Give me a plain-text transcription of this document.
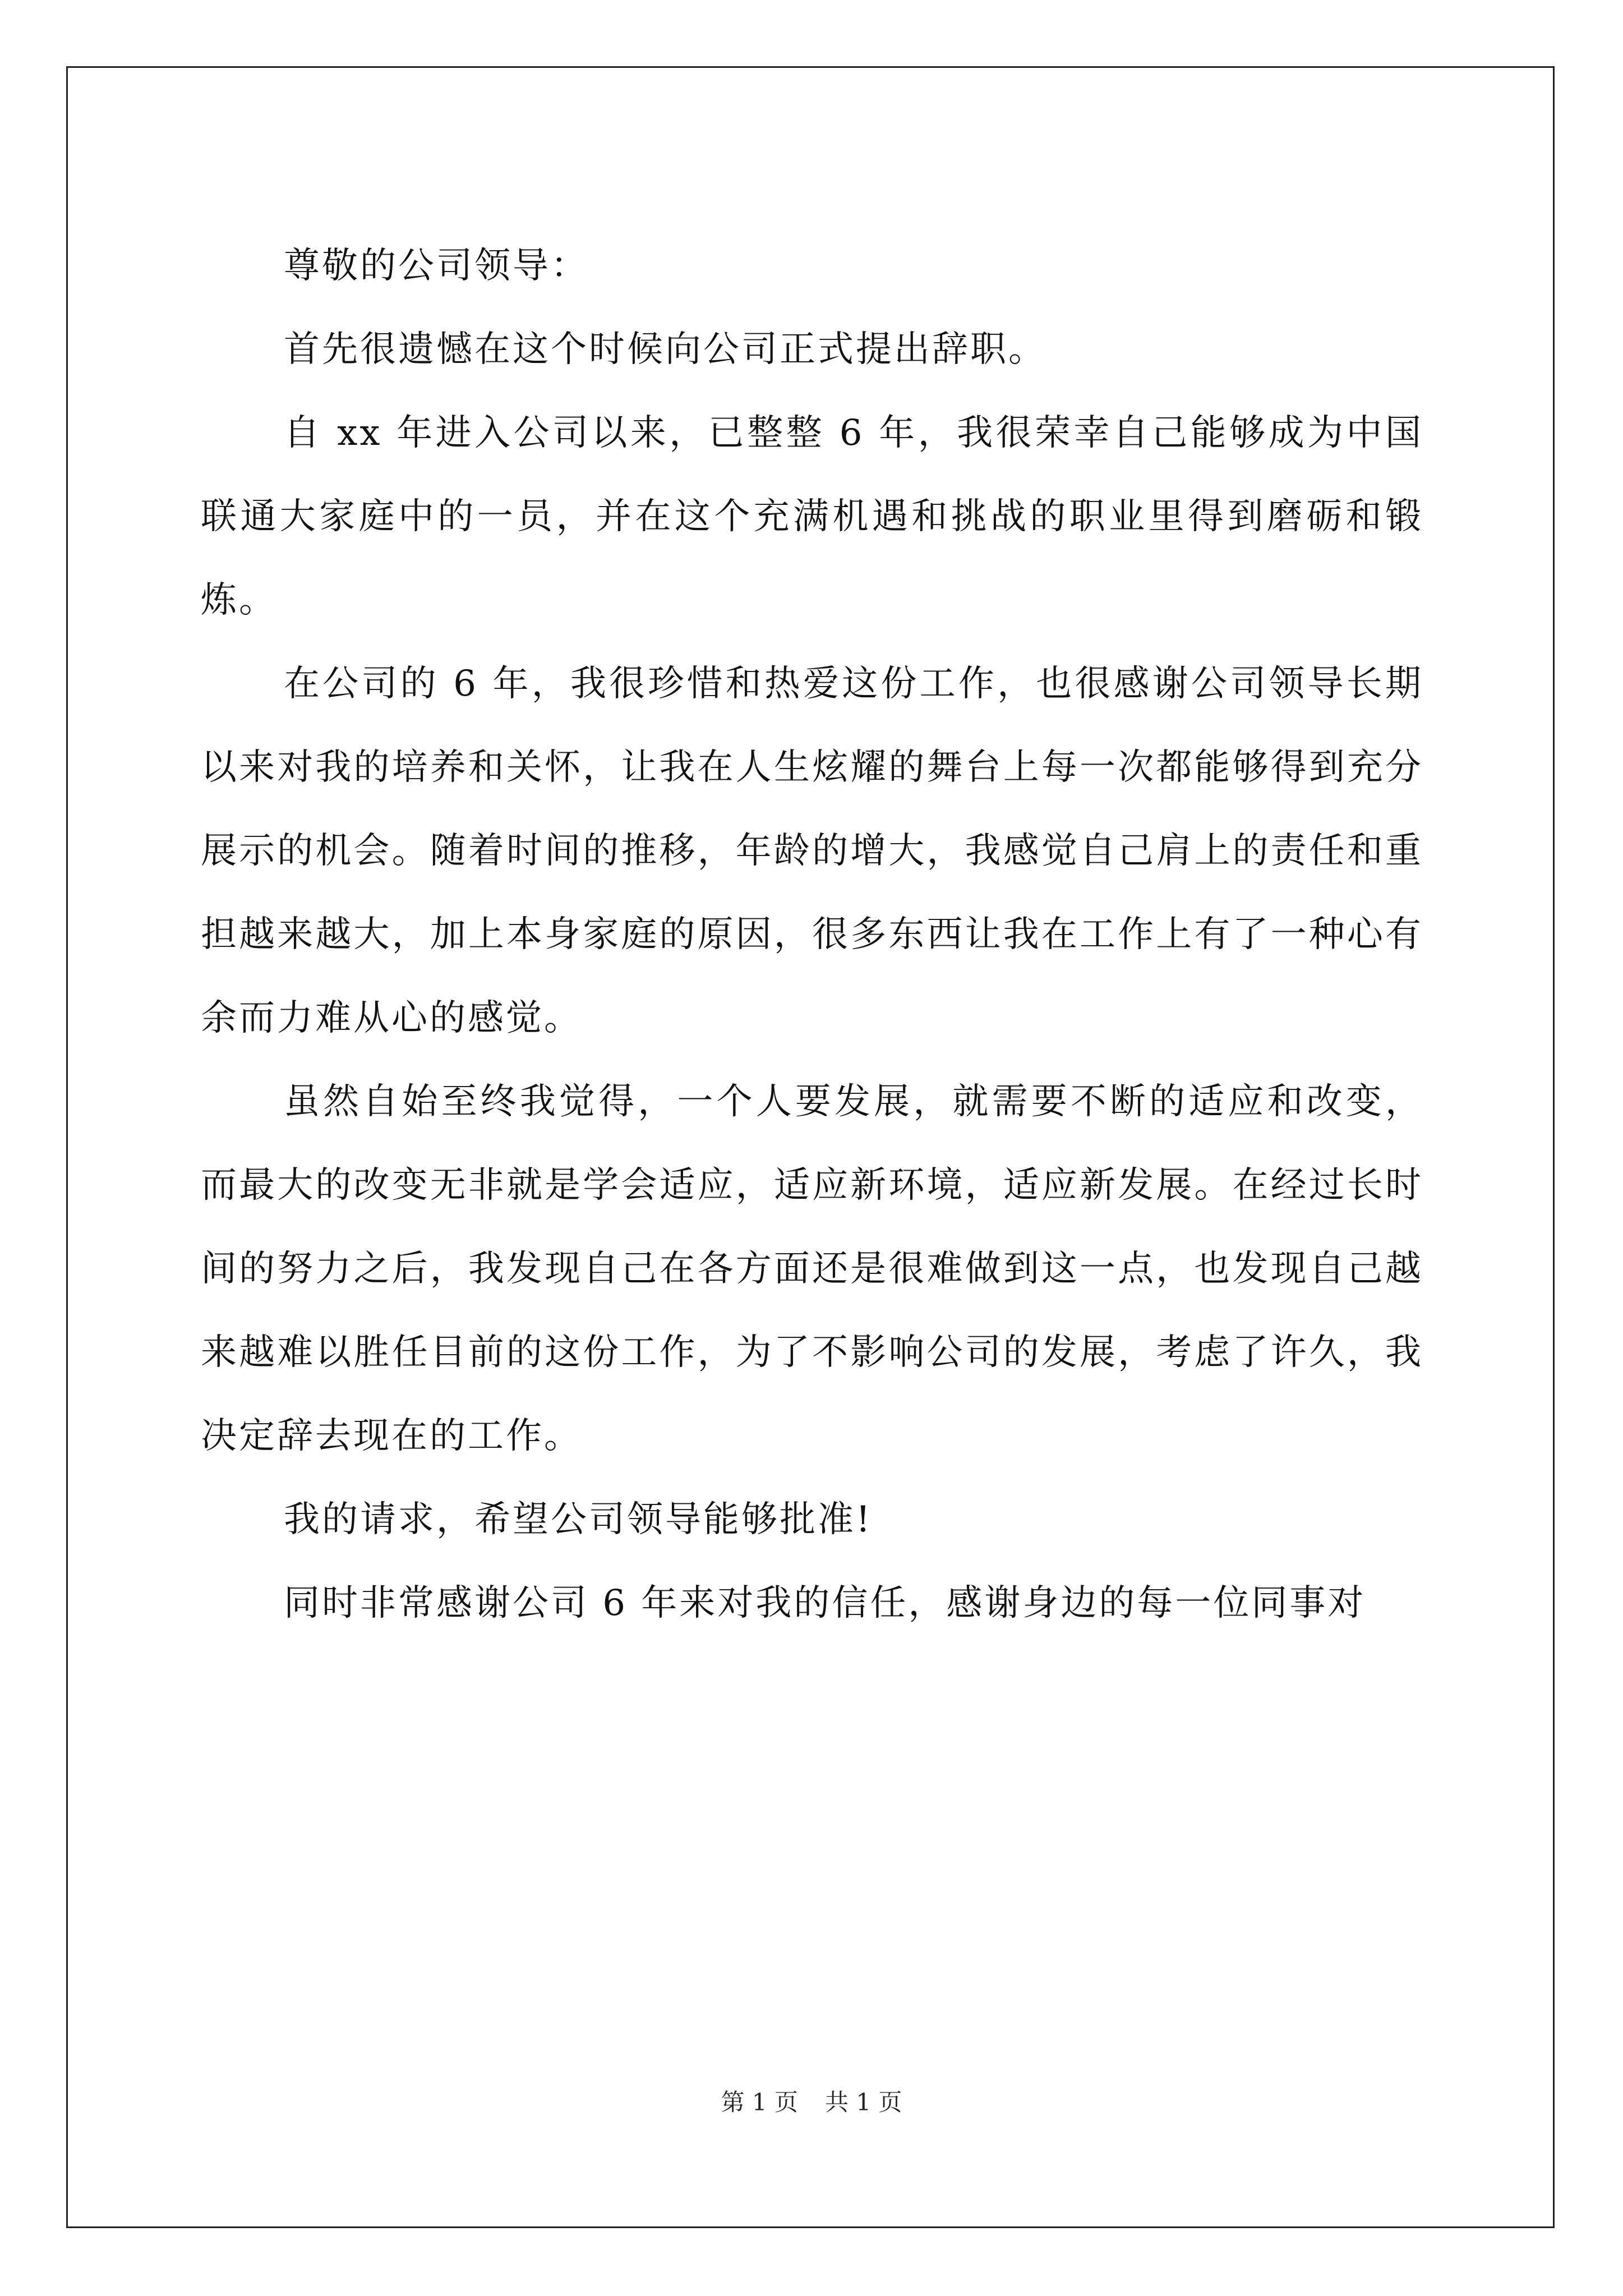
尊敬的公司领导：

首先很遗憾在这个时候向公司正式提出辞职。

自 xx 年进入公司以来，已整整 6 年，我很荣幸自己能够成为中国联通大家庭中的一员，并在这个充满机遇和挑战的职业里得到磨砺和锻炼。

在公司的 6 年，我很珍惜和热爱这份工作，也很感谢公司领导长期以来对我的培养和关怀，让我在人生炫耀的舞台上每一次都能够得到充分展示的机会。随着时间的推移，年龄的增大，我感觉自己肩上的责任和重担越来越大，加上本身家庭的原因，很多东西让我在工作上有了一种心有余而力难从心的感觉。

虽然自始至终我觉得，一个人要发展，就需要不断的适应和改变，而最大的改变无非就是学会适应，适应新环境，适应新发展。在经过长时间的努力之后，我发现自己在各方面还是很难做到这一点，也发现自己越来越难以胜任目前的这份工作，为了不影响公司的发展，考虑了许久，我决定辞去现在的工作。

我的请求，希望公司领导能够批准!

同时非常感谢公司 6 年来对我的信任，感谢身边的每一位同事对

第 1 页 共 1 页
